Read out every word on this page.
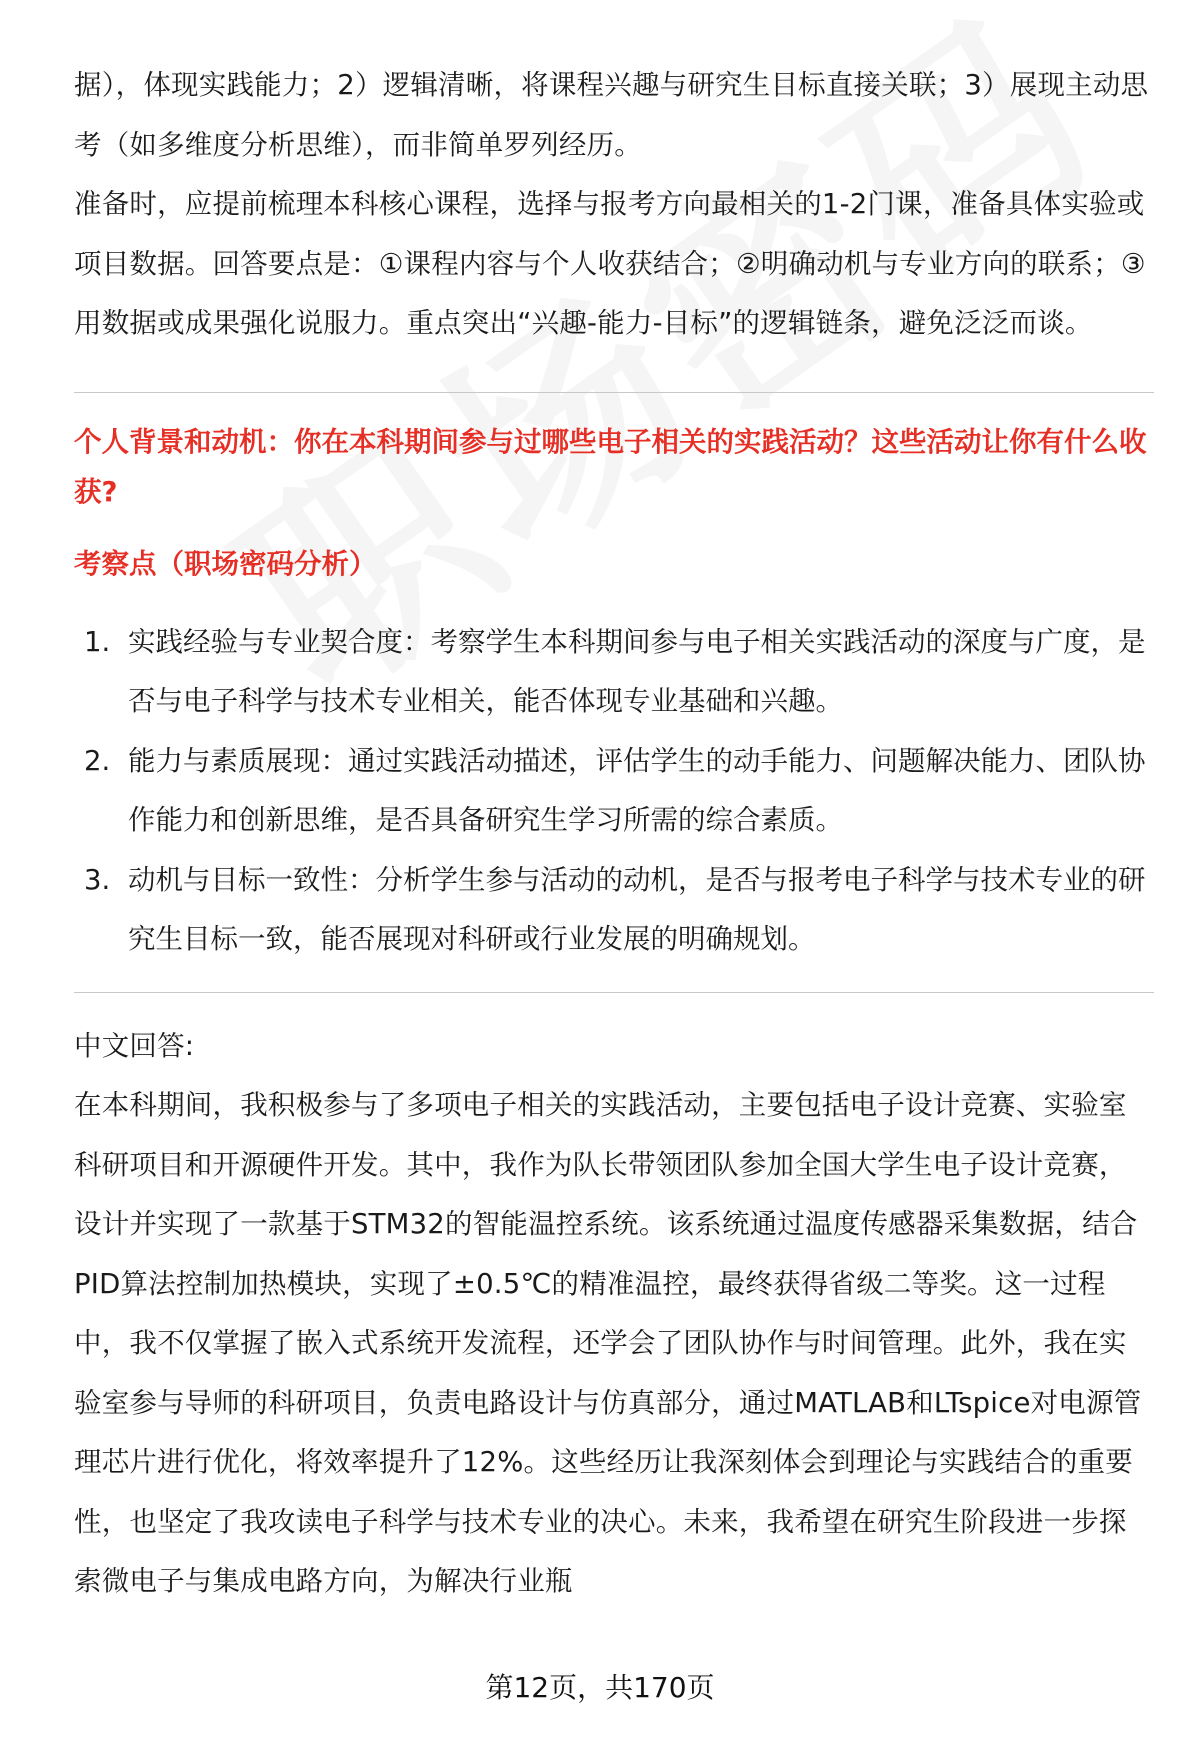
据），体现实践能力；2）逻辑清晰，将课程兴趣与研究生目标直接关联；3）展现主动思考（如多维度分析思维），而非简单罗列经历。

准备时，应提前梳理本科核心课程，选择与报考方向最相关的1-2门课，准备具体实验或项目数据。回答要点是：①课程内容与个人收获结合；②明确动机与专业方向的联系；③用数据或成果强化说服力。重点突出“兴趣-能力-目标”的逻辑链条，避免泛泛而谈。

个人背景和动机：你在本科期间参与过哪些电子相关的实践活动？这些活动让你有什么收获?

考察点（职场密码分析）

1. 实践经验与专业契合度：考察学生本科期间参与电子相关实践活动的深度与广度，是否与电子科学与技术专业相关，能否体现专业基础和兴趣。
2. 能力与素质展现：通过实践活动描述，评估学生的动手能力、问题解决能力、团队协作能力和创新思维，是否具备研究生学习所需的综合素质。
3. 动机与目标一致性：分析学生参与活动的动机，是否与报考电子科学与技术专业的研究生目标一致，能否展现对科研或行业发展的明确规划。

中文回答:

在本科期间，我积极参与了多项电子相关的实践活动，主要包括电子设计竞赛、实验室科研项目和开源硬件开发。其中，我作为队长带领团队参加全国大学生电子设计竞赛，设计并实现了一款基于STM32的智能温控系统。该系统通过温度传感器采集数据，结合PID算法控制加热模块，实现了±0.5℃的精准温控，最终获得省级二等奖。这一过程中，我不仅掌握了嵌入式系统开发流程，还学会了团队协作与时间管理。此外，我在实验室参与导师的科研项目，负责电路设计与仿真部分，通过MATLAB和LTspice对电源管理芯片进行优化，将效率提升了12%。这些经历让我深刻体会到理论与实践结合的重要性，也坚定了我攻读电子科学与技术专业的决心。未来，我希望在研究生阶段进一步探索微电子与集成电路方向，为解决行业瓶

第12页，共170页
